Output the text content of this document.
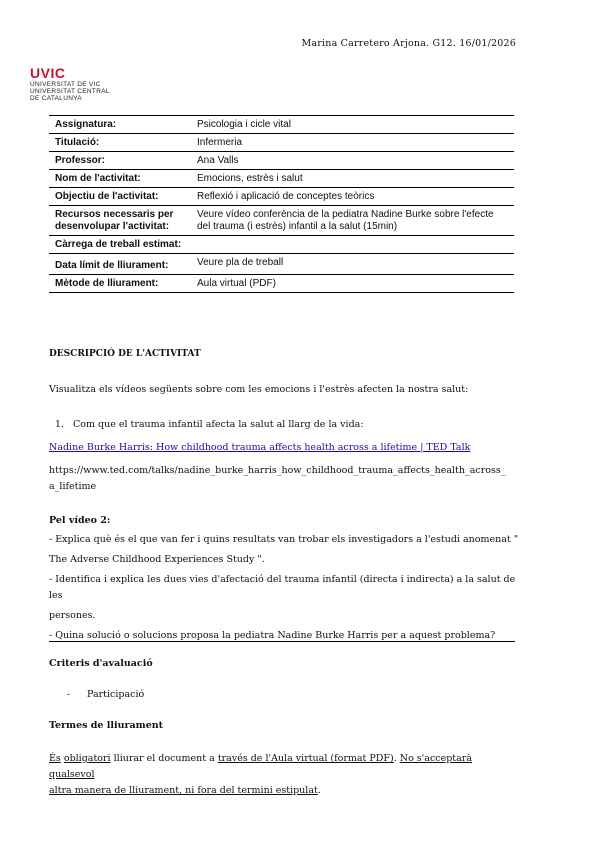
Marina Carretero Arjona. G12. 16/01/2026
UVIC
UNIVERSITAT DE VIC
UNIVERSITAT CENTRAL
DE CATALUNYA
Assignatura:	Psicologia i cicle vital
Titulació:	Infermeria
Professor:	Ana Valls
Nom de l'activitat:	Emocions, estrès i salut
Objectiu de l'activitat:	Reflexió i aplicació de conceptes teòrics
Recursos necessaris per desenvolupar l'activitat:	Veure vídeo conferència de la pediatra Nadine Burke sobre l'efecte del trauma (i estrès) infantil a la salut (15min)
Càrrega de treball estimat:	
Data límit de lliurament:	Veure pla de treball
Mètode de lliurament:	Aula virtual (PDF)
DESCRIPCIÓ DE L'ACTIVITAT
Visualitza els vídeos següents sobre com les emocions i l'estrès afecten la nostra salut:
1. Com que el trauma infantil afecta la salut al llarg de la vida:
Nadine Burke Harris: How childhood trauma affects health across a lifetime | TED Talk
https://www.ted.com/talks/nadine_burke_harris_how_childhood_trauma_affects_health_across_
a_lifetime
Pel vídeo 2:
- Explica què és el que van fer i quins resultats van trobar els investigadors a l'estudi anomenat "
The Adverse Childhood Experiences Study ".
- Identifica i explica les dues vies d'afectació del trauma infantil (directa i indirecta) a la salut de les
persones.
- Quina solució o solucions proposa la pediatra Nadine Burke Harris per a aquest problema?
Criteris d'avaluació
- Participació
Termes de lliurament
És obligatori lliurar el document a través de l'Aula virtual (format PDF). No s'acceptarà qualsevol
altra manera de lliurament, ni fora del termini estipulat.
